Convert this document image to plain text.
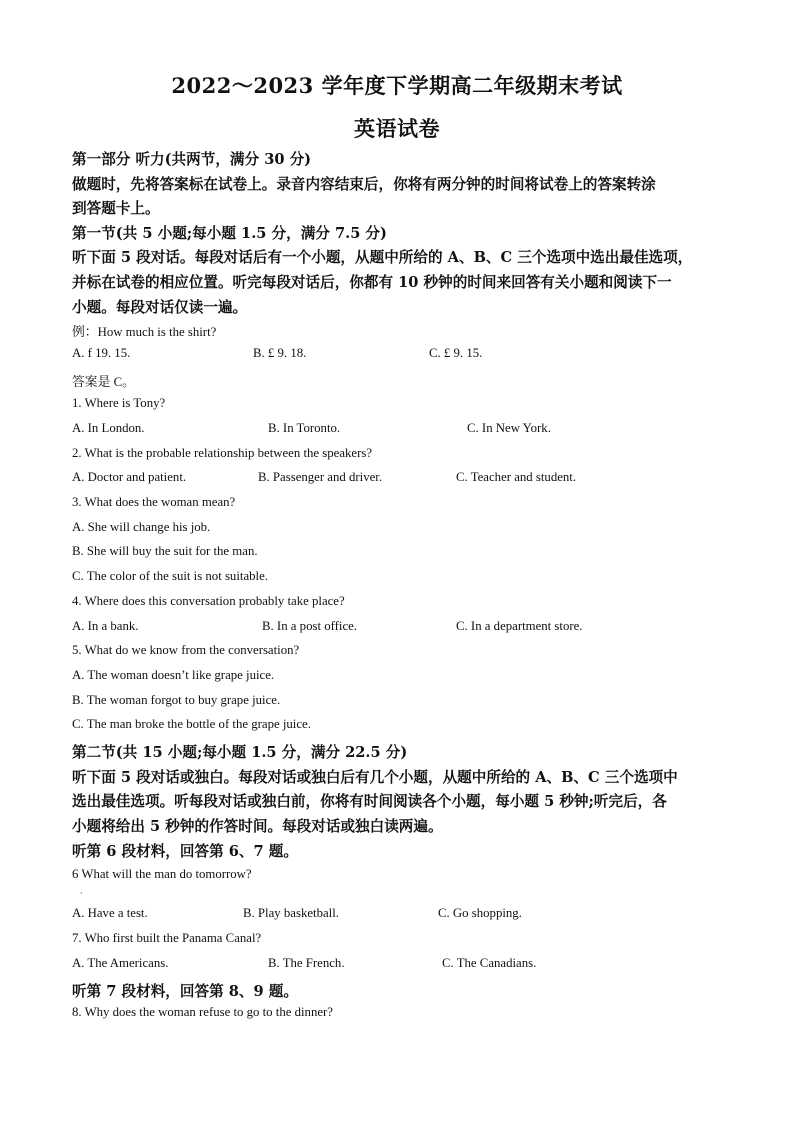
2022～2023 学年度下学期高二年级期末考试
英语试卷
第一部分 听力(共两节，满分 30 分)
做题时，先将答案标在试卷上。录音内容结束后，你将有两分钟的时间将试卷上的答案转涂
到答题卡上。
第一节(共 5 小题;每小题 1.5 分，满分 7.5 分)
听下面 5 段对话。每段对话后有一个小题，从题中所给的 A、B、C 三个选项中选出最佳选项，
并标在试卷的相应位置。听完每段对话后，你都有 10 秒钟的时间来回答有关小题和阅读下一
小题。每段对话仅读一遍。
例：How much is the shirt?
A. f 19. 15.	B. £ 9. 18.	C. £ 9. 15.
答案是 C。
1. Where is Tony?
A. In London.	B. In Toronto.	C. In New York.
2. What is the probable relationship between the speakers?
A. Doctor and patient.	B. Passenger and driver.	C. Teacher and student.
3. What does the woman mean?
A. She will change his job.
B. She will buy the suit for the man.
C. The color of the suit is not suitable.
4. Where does this conversation probably take place?
A. In a bank.	B. In a post office.	C. In a department store.
5. What do we know from the conversation?
A. The woman doesn’t like grape juice.
B. The woman forgot to buy grape juice.
C. The man broke the bottle of the grape juice.
第二节(共 15 小题;每小题 1.5 分，满分 22.5 分)
听下面 5 段对话或独白。每段对话或独白后有几个小题，从题中所给的 A、B、C 三个选项中
选出最佳选项。听每段对话或独白前，你将有时间阅读各个小题，每小题 5 秒钟;听完后，各
小题将给出 5 秒钟的作答时间。每段对话或独白读两遍。
听第 6 段材料，回答第 6、7 题。
6 What will the man do tomorrow?
·
A. Have a test.	B. Play basketball.	C. Go shopping.
7. Who first built the Panama Canal?
A. The Americans.	B. The French.	C. The Canadians.
听第 7 段材料，回答第 8、9 题。
8. Why does the woman refuse to go to the dinner?
